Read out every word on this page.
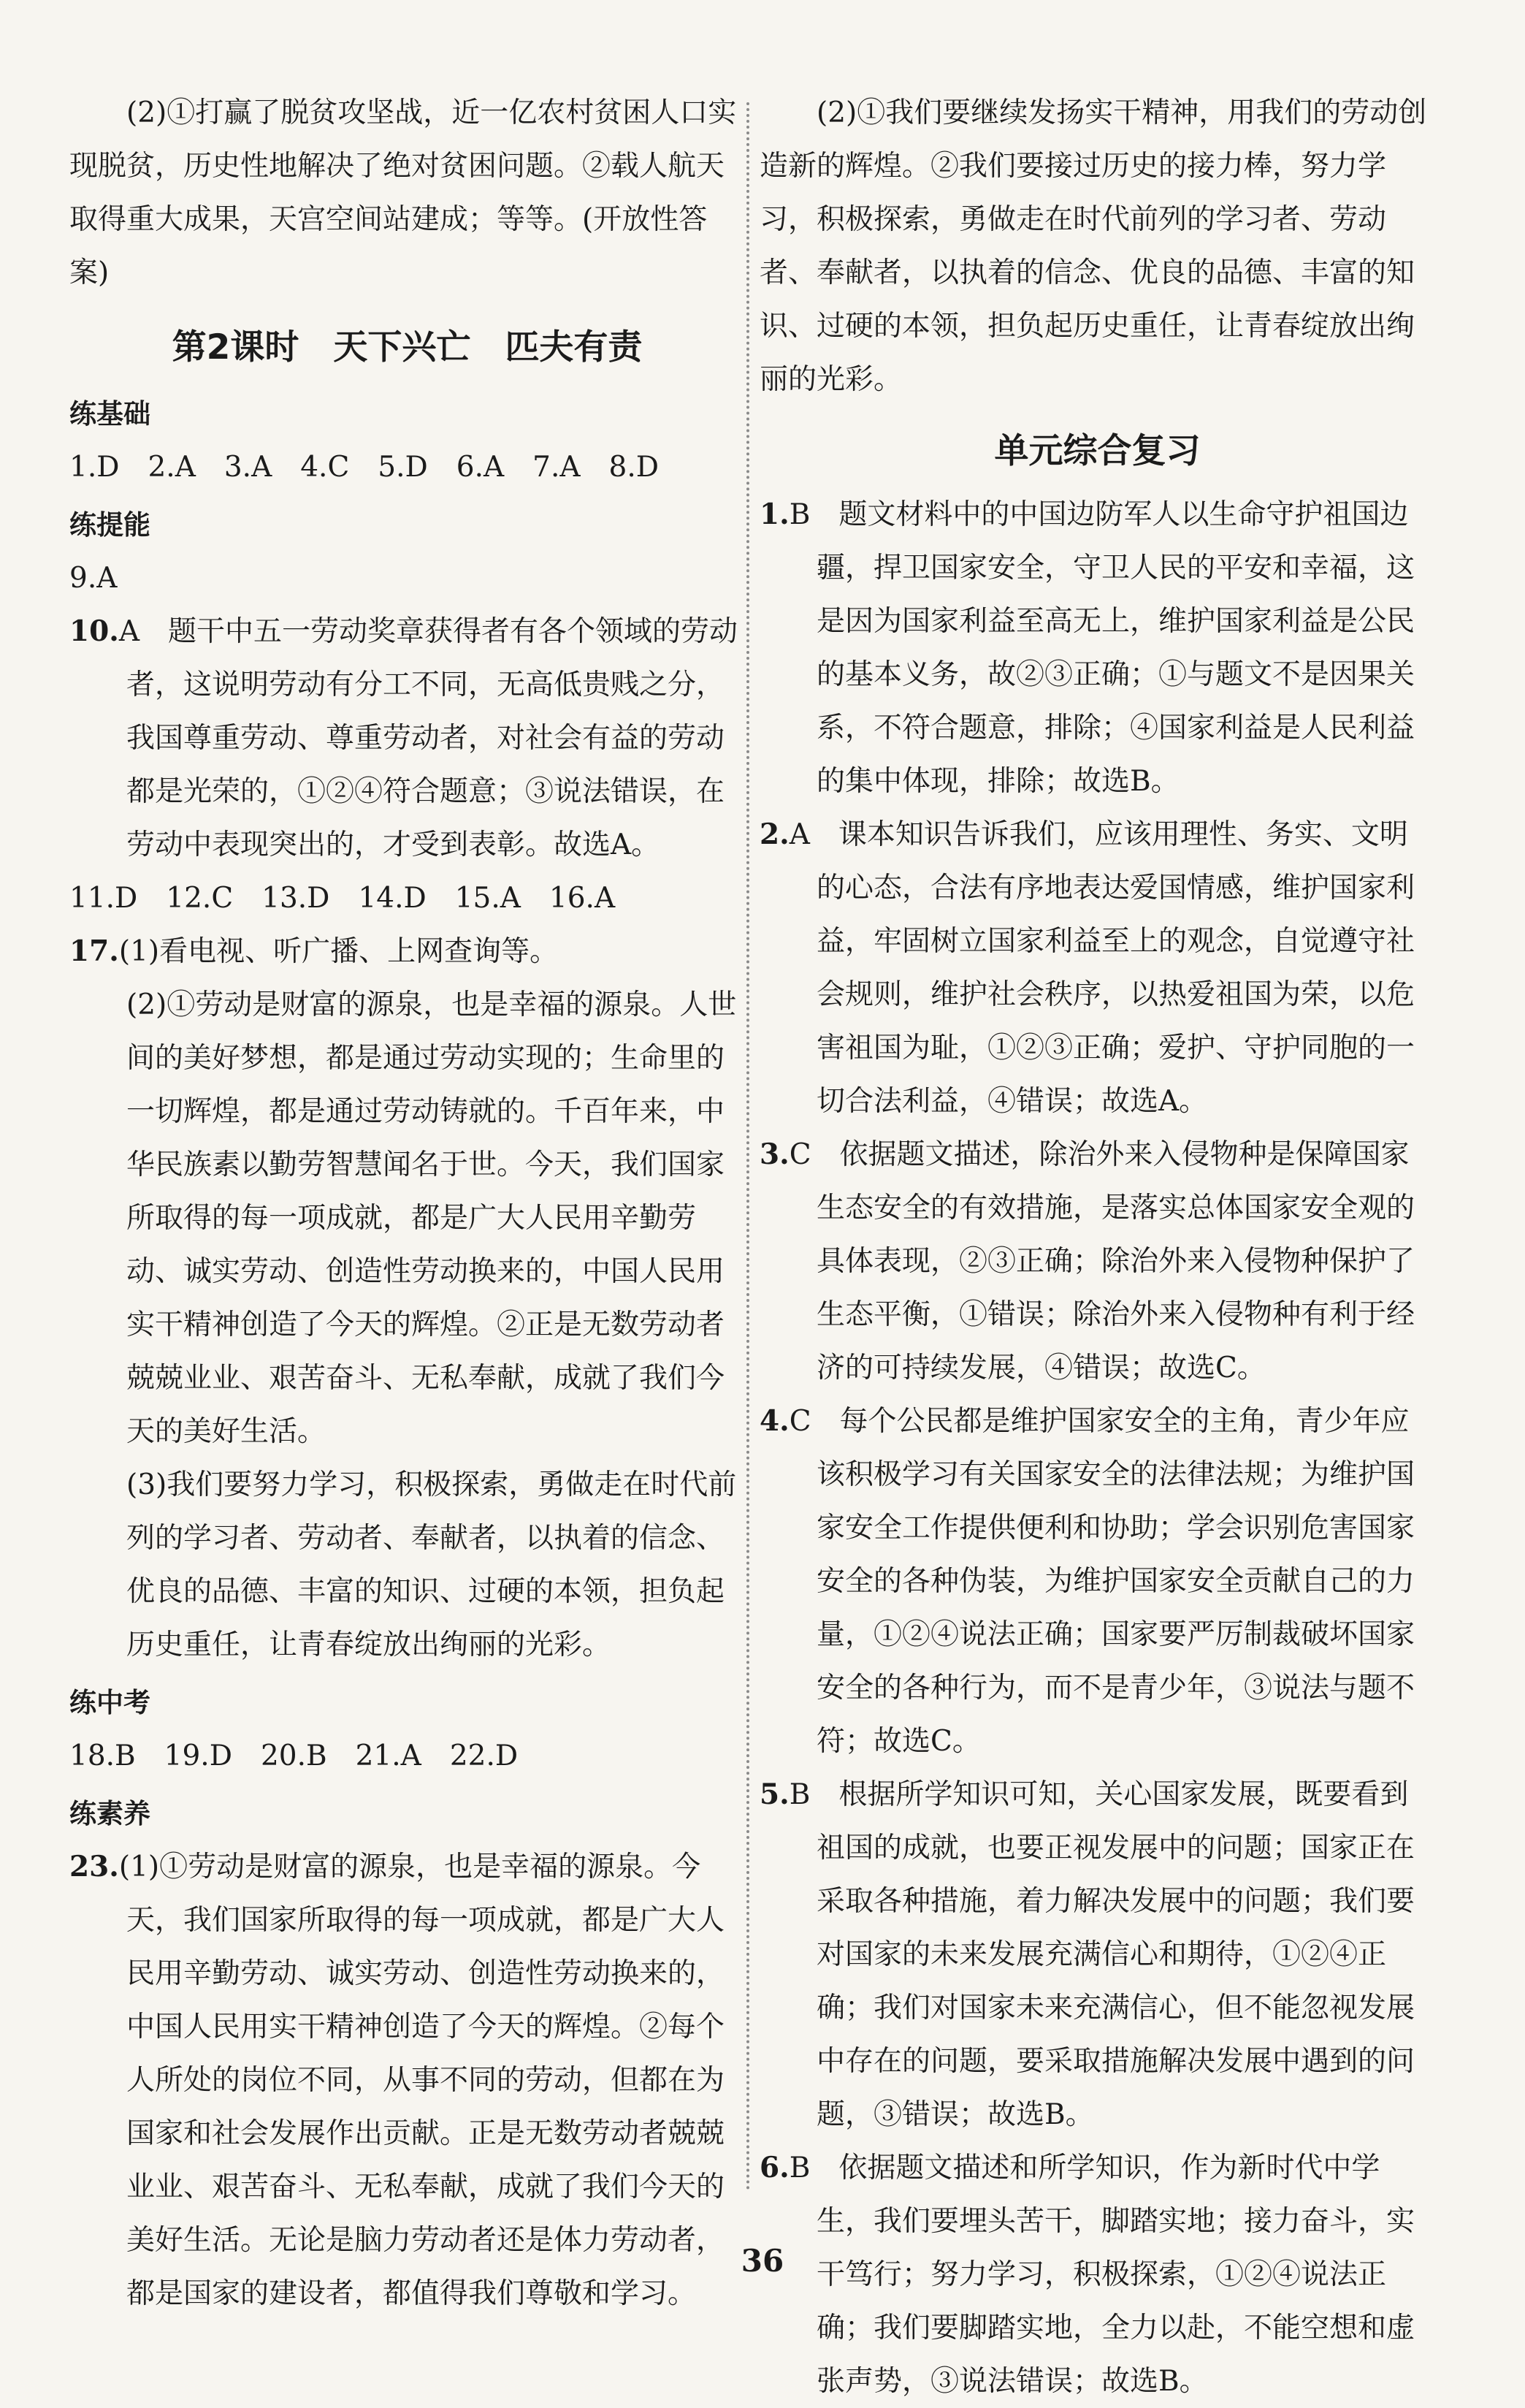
(2)①打赢了脱贫攻坚战，近一亿农村贫困人口实现脱贫，历史性地解决了绝对贫困问题。②载人航天取得重大成果，天宫空间站建成；等等。(开放性答案)

第2课时　天下兴亡　匹夫有责

练基础

1.D　2.A　3.A　4.C　5.D　6.A　7.A　8.D

练提能

9.A

10.A　题干中五一劳动奖章获得者有各个领域的劳动者，这说明劳动有分工不同，无高低贵贱之分，我国尊重劳动、尊重劳动者，对社会有益的劳动都是光荣的，①②④符合题意；③说法错误，在劳动中表现突出的，才受到表彰。故选A。

11.D　12.C　13.D　14.D　15.A　16.A

17.(1)看电视、听广播、上网查询等。

(2)①劳动是财富的源泉，也是幸福的源泉。人世间的美好梦想，都是通过劳动实现的；生命里的一切辉煌，都是通过劳动铸就的。千百年来，中华民族素以勤劳智慧闻名于世。今天，我们国家所取得的每一项成就，都是广大人民用辛勤劳动、诚实劳动、创造性劳动换来的，中国人民用实干精神创造了今天的辉煌。②正是无数劳动者兢兢业业、艰苦奋斗、无私奉献，成就了我们今天的美好生活。

(3)我们要努力学习，积极探索，勇做走在时代前列的学习者、劳动者、奉献者，以执着的信念、优良的品德、丰富的知识、过硬的本领，担负起历史重任，让青春绽放出绚丽的光彩。

练中考

18.B　19.D　20.B　21.A　22.D

练素养

23.(1)①劳动是财富的源泉，也是幸福的源泉。今天，我们国家所取得的每一项成就，都是广大人民用辛勤劳动、诚实劳动、创造性劳动换来的，中国人民用实干精神创造了今天的辉煌。②每个人所处的岗位不同，从事不同的劳动，但都在为国家和社会发展作出贡献。正是无数劳动者兢兢业业、艰苦奋斗、无私奉献，成就了我们今天的美好生活。无论是脑力劳动者还是体力劳动者，都是国家的建设者，都值得我们尊敬和学习。

(2)①我们要继续发扬实干精神，用我们的劳动创造新的辉煌。②我们要接过历史的接力棒，努力学习，积极探索，勇做走在时代前列的学习者、劳动者、奉献者，以执着的信念、优良的品德、丰富的知识、过硬的本领，担负起历史重任，让青春绽放出绚丽的光彩。

单元综合复习

1.B　题文材料中的中国边防军人以生命守护祖国边疆，捍卫国家安全，守卫人民的平安和幸福，这是因为国家利益至高无上，维护国家利益是公民的基本义务，故②③正确；①与题文不是因果关系，不符合题意，排除；④国家利益是人民利益的集中体现，排除；故选B。

2.A　课本知识告诉我们，应该用理性、务实、文明的心态，合法有序地表达爱国情感，维护国家利益，牢固树立国家利益至上的观念，自觉遵守社会规则，维护社会秩序，以热爱祖国为荣，以危害祖国为耻，①②③正确；爱护、守护同胞的一切合法利益，④错误；故选A。

3.C　依据题文描述，除治外来入侵物种是保障国家生态安全的有效措施，是落实总体国家安全观的具体表现，②③正确；除治外来入侵物种保护了生态平衡，①错误；除治外来入侵物种有利于经济的可持续发展，④错误；故选C。

4.C　每个公民都是维护国家安全的主角，青少年应该积极学习有关国家安全的法律法规；为维护国家安全工作提供便利和协助；学会识别危害国家安全的各种伪装，为维护国家安全贡献自己的力量，①②④说法正确；国家要严厉制裁破坏国家安全的各种行为，而不是青少年，③说法与题不符；故选C。

5.B　根据所学知识可知，关心国家发展，既要看到祖国的成就，也要正视发展中的问题；国家正在采取各种措施，着力解决发展中的问题；我们要对国家的未来发展充满信心和期待，①②④正确；我们对国家未来充满信心，但不能忽视发展中存在的问题，要采取措施解决发展中遇到的问题，③错误；故选B。

6.B　依据题文描述和所学知识，作为新时代中学生，我们要埋头苦干，脚踏实地；接力奋斗，实干笃行；努力学习，积极探索，①②④说法正确；我们要脚踏实地，全力以赴，不能空想和虚张声势，③说法错误；故选B。

36
